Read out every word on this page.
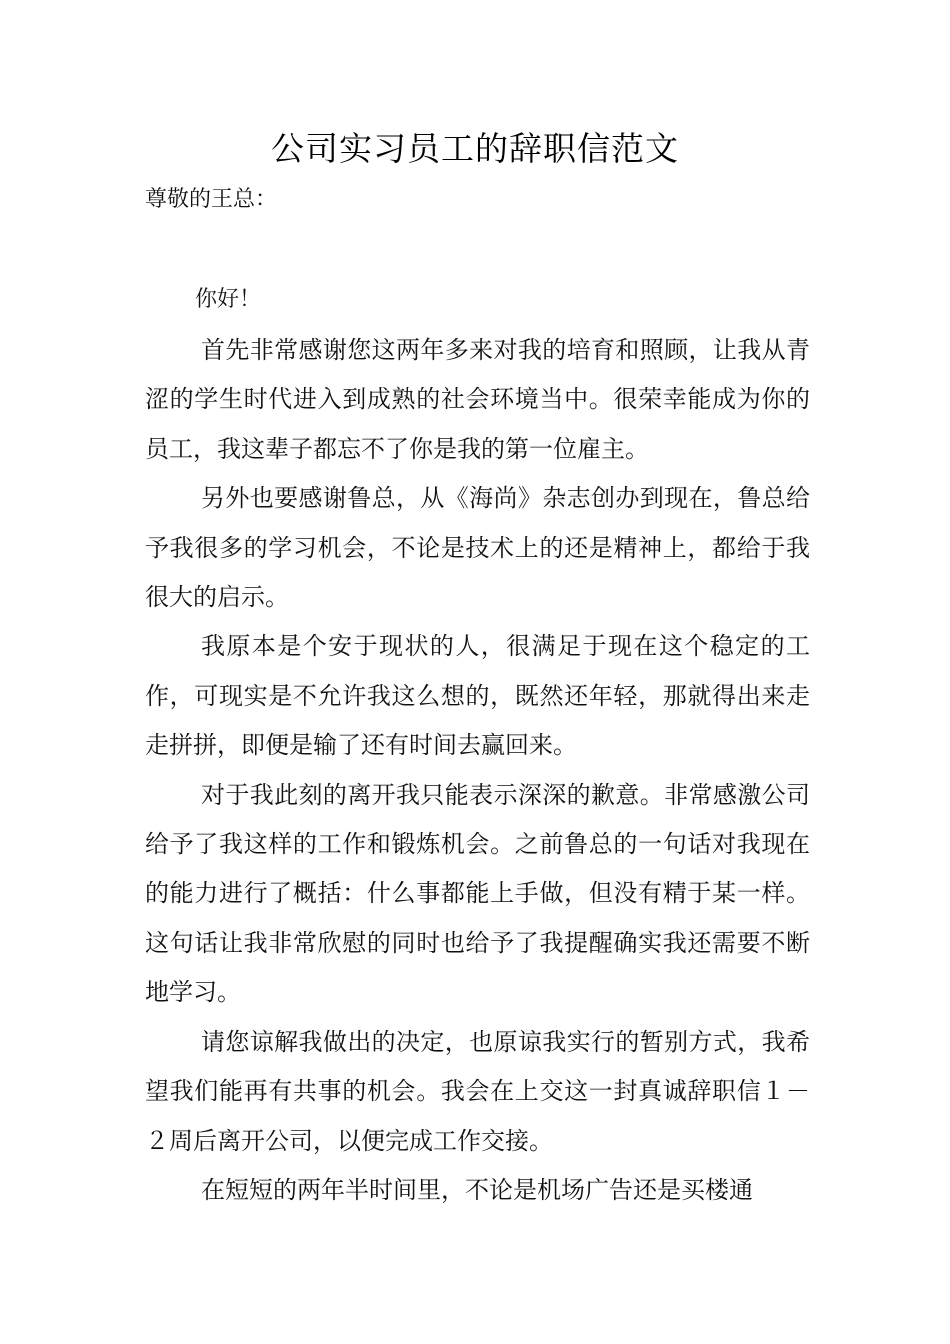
公司实习员工的辞职信范文
尊敬的王总：
你好！

首先非常感谢您这两年多来对我的培育和照顾，让我从青涩的学生时代进入到成熟的社会环境当中。很荣幸能成为你的员工，我这辈子都忘不了你是我的第一位雇主。

另外也要感谢鲁总，从《海尚》杂志创办到现在，鲁总给予我很多的学习机会，不论是技术上的还是精神上，都给于我很大的启示。

我原本是个安于现状的人，很满足于现在这个稳定的工作，可现实是不允许我这么想的，既然还年轻，那就得出来走走拼拼，即便是输了还有时间去赢回来。

对于我此刻的离开我只能表示深深的歉意。非常感激公司给予了我这样的工作和锻炼机会。之前鲁总的一句话对我现在的能力进行了概括：什么事都能上手做，但没有精于某一样。这句话让我非常欣慰的同时也给予了我提醒确实我还需要不断地学习。

请您谅解我做出的决定，也原谅我实行的暂别方式，我希望我们能再有共事的机会。我会在上交这一封真诚辞职信１－２周后离开公司，以便完成工作交接。

在短短的两年半时间里，不论是机场广告还是买楼通
